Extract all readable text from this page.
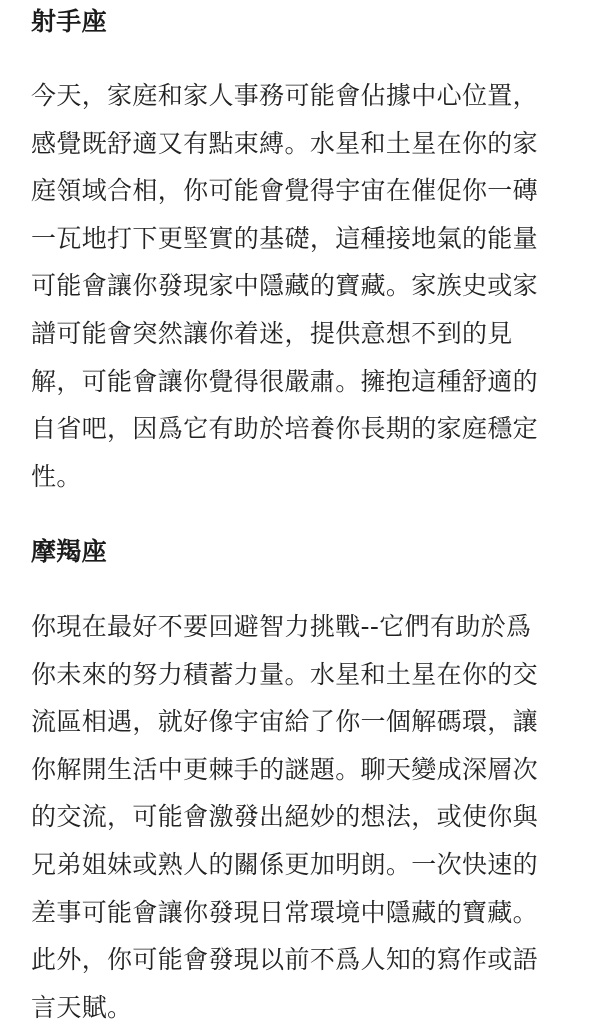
射手座
今天，家庭和家人事務可能會佔據中心位置，
感覺既舒適又有點束縛。水星和土星在你的家
庭領域合相，你可能會覺得宇宙在催促你一磚
一瓦地打下更堅實的基礎，這種接地氣的能量
可能會讓你發現家中隱藏的寶藏。家族史或家
譜可能會突然讓你着迷，提供意想不到的見
解，可能會讓你覺得很嚴肅。擁抱這種舒適的
自省吧，因爲它有助於培養你長期的家庭穩定
性。
摩羯座
你現在最好不要回避智力挑戰--它們有助於爲
你未來的努力積蓄力量。水星和土星在你的交
流區相遇，就好像宇宙給了你一個解碼環，讓
你解開生活中更棘手的謎題。聊天變成深層次
的交流，可能會激發出絕妙的想法，或使你與
兄弟姐妹或熟人的關係更加明朗。一次快速的
差事可能會讓你發現日常環境中隱藏的寶藏。
此外，你可能會發現以前不爲人知的寫作或語
言天賦。
